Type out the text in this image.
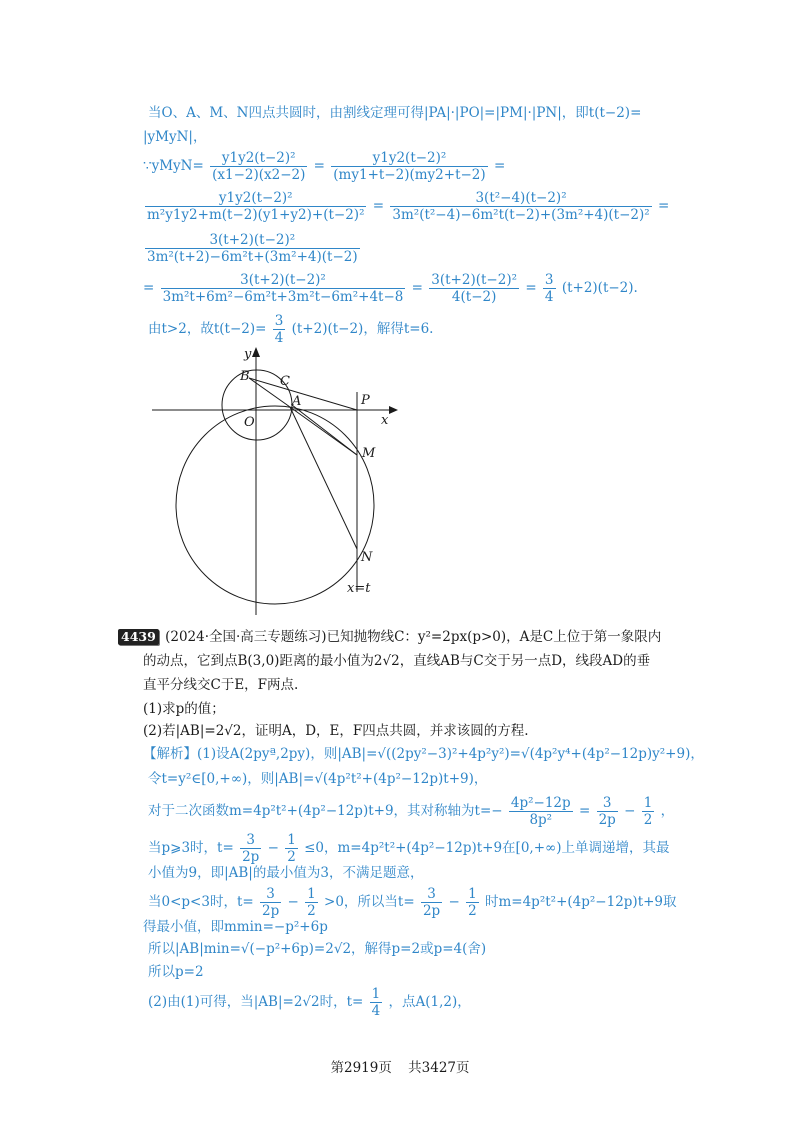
当O、A、M、N四点共圆时，由割线定理可得|PA|·|PO|=|PM|·|PN|，即t(t−2)=
|yMyN|，
∵yMyN= $\frac{\text{y1y2(t−2)²}}{(x1-2)(x2-2)} = \frac{\text{y1y2(t−2)²}}{(my1+t-2)(my2+t-2)}$ =
$\frac{\text{y1y2(t−2)²}}{\text{m²y1y2+m(t−2)(y1+y2)+(t−2)²}} = \frac{\text{3(t²−4)(t−2)²}}{\text{3m²(t²−4)−6m²t(t−2)+(3m²+4)(t−2)²}}$ =
$\frac{\text{3(t+2)(t−2)²}}{\text{3m²(t+2)−6m²t+(3m²+4)(t−2)}}$
= $\frac{\text{3(t+2)(t−2)²}}{\text{3m²t+6m²−6m²t+3m²t−6m²+4t−8}} = \frac{\text{3(t+2)(t−2)²}}{4(t-2)} = \frac{3}{4} (t+2)(t-2)$.
由t>2，故$t(t-2)= \frac{3}{4} (t+2)(t-2)$，解得t=6.
y
x
B C
A	P
O
M
N
x=t
4439 (2024·全国·高三专题练习)已知抛物线C：y²=2px(p>0)，A是C上位于第一象限内
的动点，它到点B(3,0)距离的最小值为2√2，直线AB与C交于另一点D，线段AD的垂
直平分线交C于E，F两点.
(1)求p的值；
(2)若|AB|=2√2，证明A，D，E，F四点共圆，并求该圆的方程.
【解析】(1)设A(2pyª,2py)，则|AB|=√((2py²−3)²+4p²y²)=√(4p²y⁴+(4p²−12p)y²+9)，
令t=y²∈[0,+∞)，则|AB|=√(4p²t²+(4p²−12p)t+9)，
对于二次函数m=4p²t²+(4p²−12p)t+9，其对称轴为$t=- \frac{\text{4p²−12p}}{\text{8p²}} = \frac{3}{2p} - \frac{1}{2}$ ，
当p⩾3时，$t= \frac{3}{2p} - \frac{1}{2} \le 0$，m=4p²t²+(4p²−12p)t+9在[0,+∞)上单调递增，其最
小值为9，即|AB|的最小值为3，不满足题意，
当0<p<3时，$t= \frac{3}{2p} - \frac{1}{2} >0$，所以当$t= \frac{3}{2p} - \frac{1}{2}$ 时m=4p²t²+(4p²−12p)t+9取
得最小值，即mmin=−p²+6p
所以|AB|min=√(−p²+6p)=2√2，解得p=2或p=4(舍)
所以p=2
(2)由(1)可得，当|AB|=2√2时，$t= \frac{1}{4}$ ，点A(1,2)，
第2919页 共3427页
